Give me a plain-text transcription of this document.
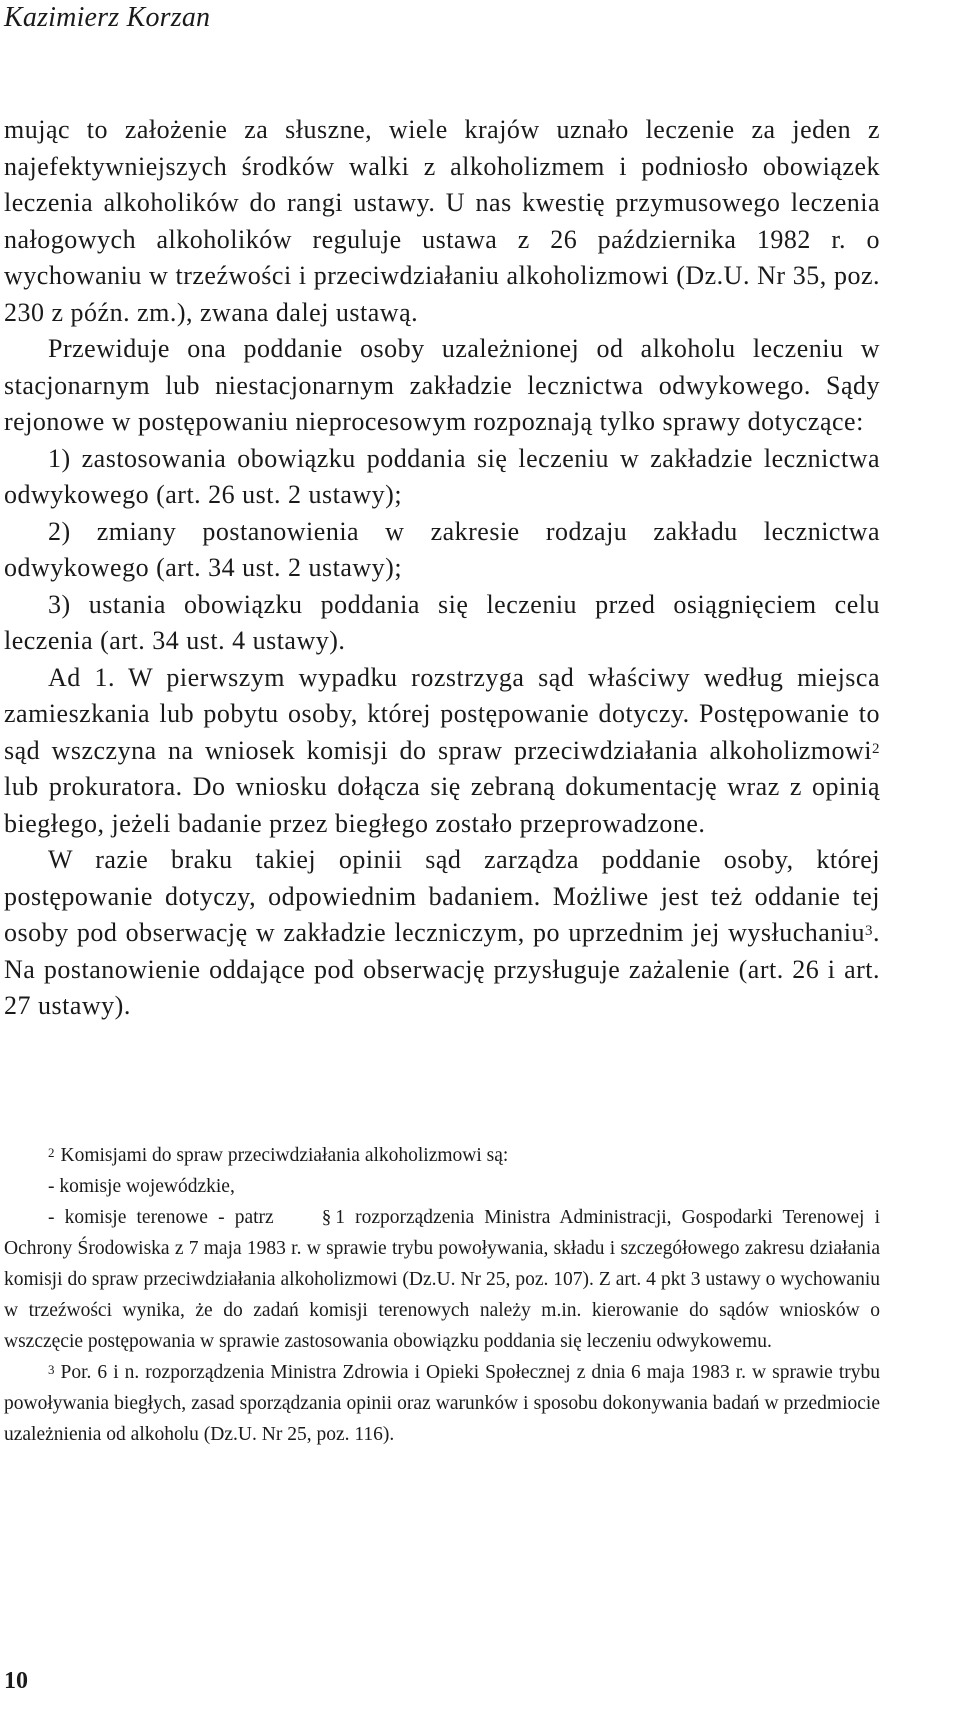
Kazimierz Korzan

mując to założenie za słuszne, wiele krajów uznało leczenie za jeden z najefektywniejszych środków walki z alkoholizmem i podniosło obowiązek leczenia alkoholików do rangi ustawy. U nas kwestię przymusowego leczenia nałogowych alkoholików reguluje ustawa z 26 października 1982 r. o wychowaniu w trzeźwości i przeciwdziałaniu alkoholizmowi (Dz.U. Nr 35, poz. 230 z późn. zm.), zwana dalej ustawą.

Przewiduje ona poddanie osoby uzależnionej od alkoholu leczeniu w stacjonarnym lub niestacjonarnym zakładzie lecznictwa odwykowego. Sądy rejonowe w postępowaniu nieprocesowym rozpoznają tylko sprawy dotyczące:

1) zastosowania obowiązku poddania się leczeniu w zakładzie lecznictwa odwykowego (art. 26 ust. 2 ustawy);

2) zmiany postanowienia w zakresie rodzaju zakładu lecznictwa odwykowego (art. 34 ust. 2 ustawy);

3) ustania obowiązku poddania się leczeniu przed osiągnięciem celu leczenia (art. 34 ust. 4 ustawy).

Ad 1. W pierwszym wypadku rozstrzyga sąd właściwy według miejsca zamieszkania lub pobytu osoby, której postępowanie dotyczy. Postępowanie to sąd wszczyna na wniosek komisji do spraw przeciwdziałania alkoholizmowi$^2$ lub prokuratora. Do wniosku dołącza się zebraną dokumentację wraz z opinią biegłego, jeżeli badanie przez biegłego zostało przeprowadzone.

W razie braku takiej opinii sąd zarządza poddanie osoby, której postępowanie dotyczy, odpowiednim badaniem. Możliwe jest też oddanie tej osoby pod obserwację w zakładzie leczniczym, po uprzednim jej wysłuchaniu$^3$. Na postanowienie oddające pod obserwację przysługuje zażalenie (art. 26 i art. 27 ustawy).

$^2$ Komisjami do spraw przeciwdziałania alkoholizmowi są:

- komisje wojewódzkie,

- komisje terenowe - patrz	§ 1 rozporządzenia Ministra Administracji, Gospodarki Terenowej i Ochrony Środowiska z 7 maja 1983 r. w sprawie trybu powoływania, składu i szczegółowego zakresu działania komisji do spraw przeciwdziałania alkoholizmowi (Dz.U. Nr 25, poz. 107). Z art. 4 pkt 3 ustawy o wychowaniu w trzeźwości wynika, że do zadań komisji terenowych należy m.in. kierowanie do sądów wniosków o wszczęcie postępowania w sprawie zastosowania obowiązku poddania się leczeniu odwykowemu.

$^3$ Por. 6 i n. rozporządzenia Ministra Zdrowia i Opieki Społecznej z dnia 6 maja 1983 r. w sprawie trybu powoływania biegłych, zasad sporządzania opinii oraz warunków i sposobu dokonywania badań w przedmiocie uzależnienia od alkoholu (Dz.U. Nr 25, poz. 116).

10
